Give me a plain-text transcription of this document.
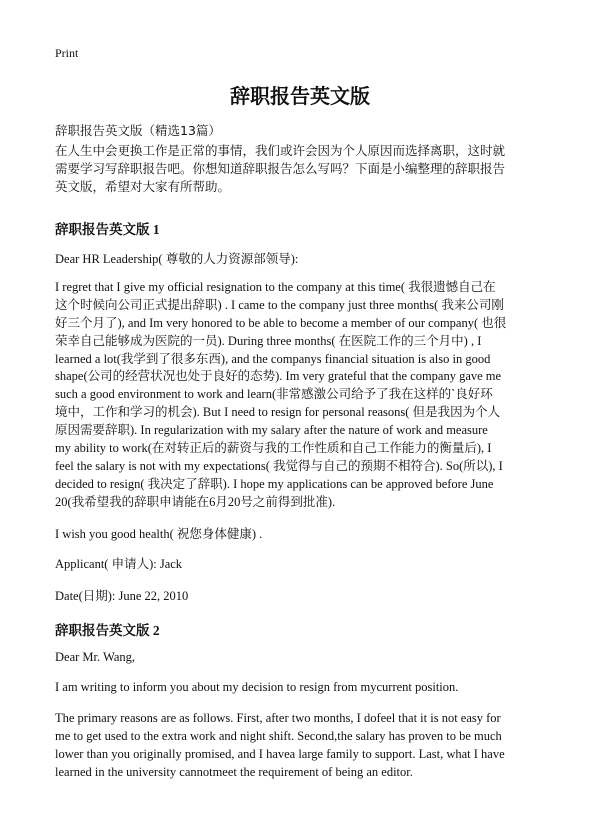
Print
辞职报告英文版
辞职报告英文版（精选13篇）
在人生中会更换工作是正常的事情，我们或许会因为个人原因而选择离职，这时就
需要学习写辞职报告吧。你想知道辞职报告怎么写吗？下面是小编整理的辞职报告
英文版，希望对大家有所帮助。
辞职报告英文版 1
Dear HR Leadership( 尊敬的人力资源部领导):
I regret that I give my official resignation to the company at this time( 我很遗憾自己在
这个时候向公司正式提出辞职) . I came to the company just three months( 我来公司刚
好三个月了), and Im very honored to be able to become a member of our company( 也很
荣幸自己能够成为医院的一员). During three months( 在医院工作的三个月中) , I
learned a lot(我学到了很多东西), and the companys financial situation is also in good
shape(公司的经营状况也处于良好的态势). Im very grateful that the company gave me
such a good environment to work and learn(非常感激公司给予了我在这样的`良好环
境中，工作和学习的机会). But I need to resign for personal reasons( 但是我因为个人
原因需要辞职). In regularization with my salary after the nature of work and measure
my ability to work(在对转正后的薪资与我的工作性质和自己工作能力的衡量后), I
feel the salary is not with my expectations( 我觉得与自己的预期不相符合). So(所以), I
decided to resign( 我决定了辞职). I hope my applications can be approved before June
20(我希望我的辞职申请能在6月20号之前得到批准).
I wish you good health( 祝您身体健康) .
Applicant( 申请人): Jack
Date(日期): June 22, 2010
辞职报告英文版 2
Dear Mr. Wang,
I am writing to inform you about my decision to resign from mycurrent position.
The primary reasons are as follows. First, after two months, I dofeel that it is not easy for
me to get used to the extra work and night shift. Second,the salary has proven to be much
lower than you originally promised, and I havea large family to support. Last, what I have
learned in the university cannotmeet the requirement of being an editor.
